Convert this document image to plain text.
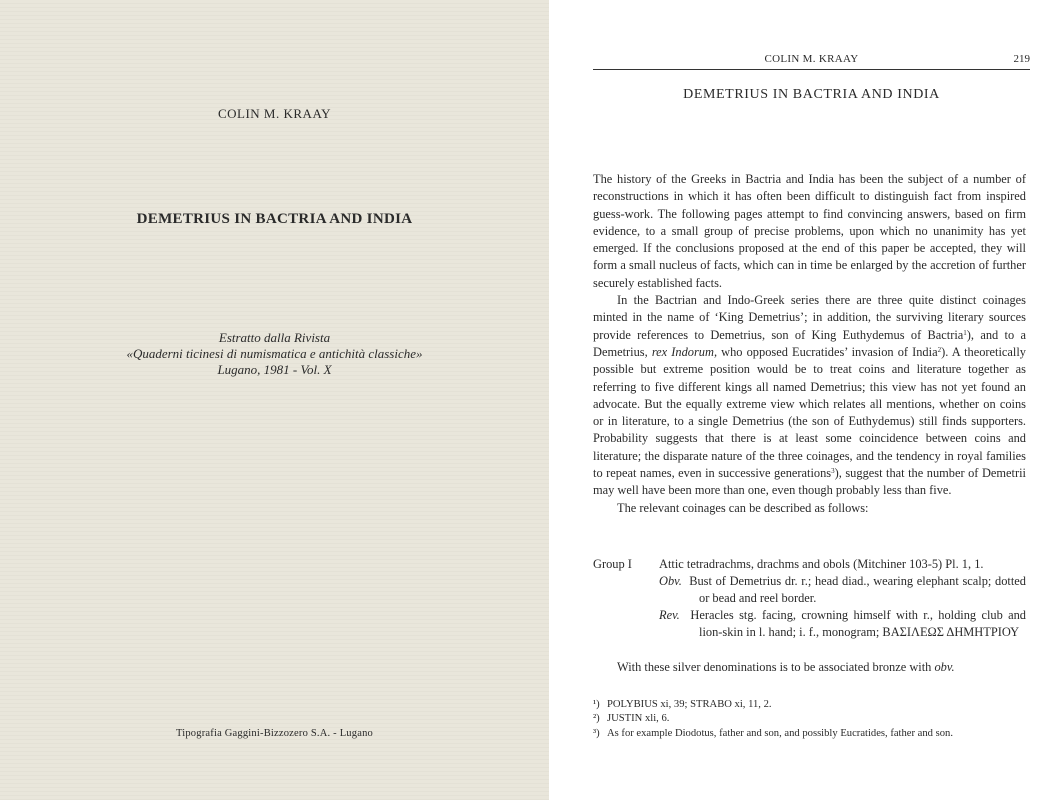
COLIN M. KRAAY
DEMETRIUS IN BACTRIA AND INDIA
Estratto dalla Rivista
«Quaderni ticinesi di numismatica e antichità classiche»
Lugano, 1981 - Vol. X
Tipografia Gaggini-Bizzozero S.A. - Lugano
COLIN M. KRAAY	219
DEMETRIUS IN BACTRIA AND INDIA

The history of the Greeks in Bactria and India has been the subject of a number of reconstructions in which it has often been difficult to distinguish fact from inspired guess-work. The following pages attempt to find convincing answers, based on firm evidence, to a small group of precise problems, upon which no unanimity has yet emerged. If the conclusions proposed at the end of this paper be accepted, they will form a small nucleus of facts, which can in time be enlarged by the accretion of further securely established facts.

In the Bactrian and Indo-Greek series there are three quite distinct coinages minted in the name of ‘King Demetrius’; in addition, the surviving literary sources provide references to Demetrius, son of King Euthydemus of Bactria$^1$), and to a Demetrius, rex Indorum, who opposed Eucratides’ invasion of India$^2$). A theoretically possible but extreme position would be to treat coins and literature together as referring to five different kings all named Demetrius; this view has not yet found an advocate. But the equally extreme view which relates all mentions, whether on coins or in literature, to a single Demetrius (the son of Euthydemus) still finds supporters. Probability suggests that there is at least some coincidence between coins and literature; the disparate nature of the three coinages, and the tendency in royal families to repeat names, even in successive generations$^3$), suggest that the number of Demetrii may well have been more than one, even though probably less than five.

The relevant coinages can be described as follows:

Group I Attic tetradrachms, drachms and obols (Mitchiner 103-5) Pl. 1, 1.
Obv. Bust of Demetrius dr. r.; head diad., wearing elephant scalp; dotted or bead and reel border.
Rev. Heracles stg. facing, crowning himself with r., holding club and lion-skin in l. hand; i. f., monogram; ΒΑΣΙΛΕΩΣ ΔΗΜΗΤΡΙΟΥ
With these silver denominations is to be associated bronze with obv.
¹) POLYBIUS xi, 39; STRABO xi, 11, 2.
²) JUSTIN xli, 6.
³) As for example Diodotus, father and son, and possibly Eucratides, father and son.
